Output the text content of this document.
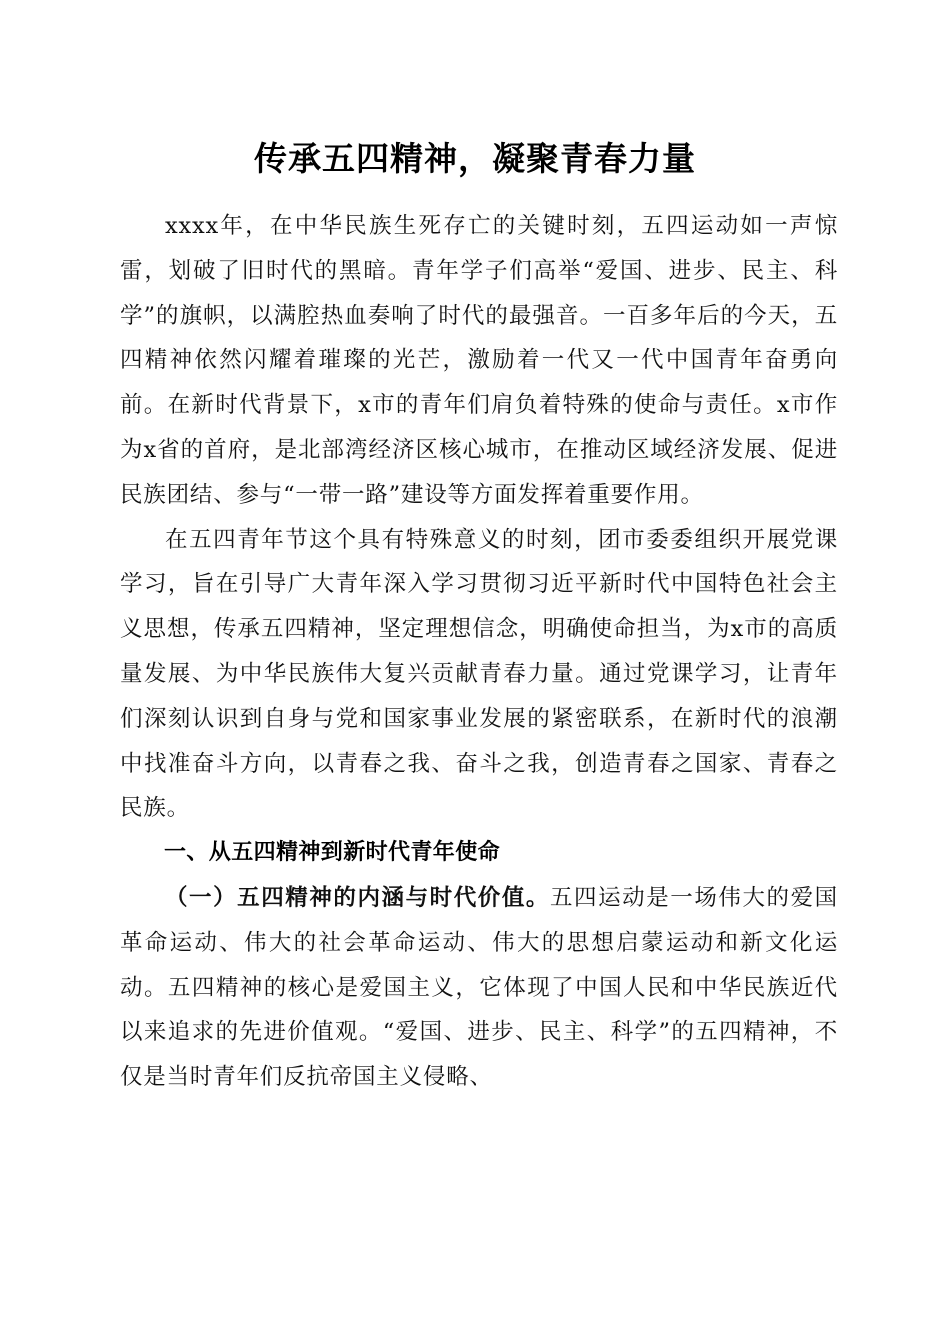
传承五四精神，凝聚青春力量

xxxx年，在中华民族生死存亡的关键时刻，五四运动如一声惊雷，划破了旧时代的黑暗。青年学子们高举“爱国、进步、民主、科学”的旗帜，以满腔热血奏响了时代的最强音。一百多年后的今天，五四精神依然闪耀着璀璨的光芒，激励着一代又一代中国青年奋勇向前。在新时代背景下，x市的青年们肩负着特殊的使命与责任。x市作为x省的首府，是北部湾经济区核心城市，在推动区域经济发展、促进民族团结、参与“一带一路”建设等方面发挥着重要作用。

在五四青年节这个具有特殊意义的时刻，团市委委组织开展党课学习，旨在引导广大青年深入学习贯彻习近平新时代中国特色社会主义思想，传承五四精神，坚定理想信念，明确使命担当，为x市的高质量发展、为中华民族伟大复兴贡献青春力量。通过党课学习，让青年们深刻认识到自身与党和国家事业发展的紧密联系，在新时代的浪潮中找准奋斗方向，以青春之我、奋斗之我，创造青春之国家、青春之民族。

一、从五四精神到新时代青年使命

（一）五四精神的内涵与时代价值。五四运动是一场伟大的爱国革命运动、伟大的社会革命运动、伟大的思想启蒙运动和新文化运动。五四精神的核心是爱国主义，它体现了中国人民和中华民族近代以来追求的先进价值观。“爱国、进步、民主、科学”的五四精神，不仅是当时青年们反抗帝国主义侵略、
